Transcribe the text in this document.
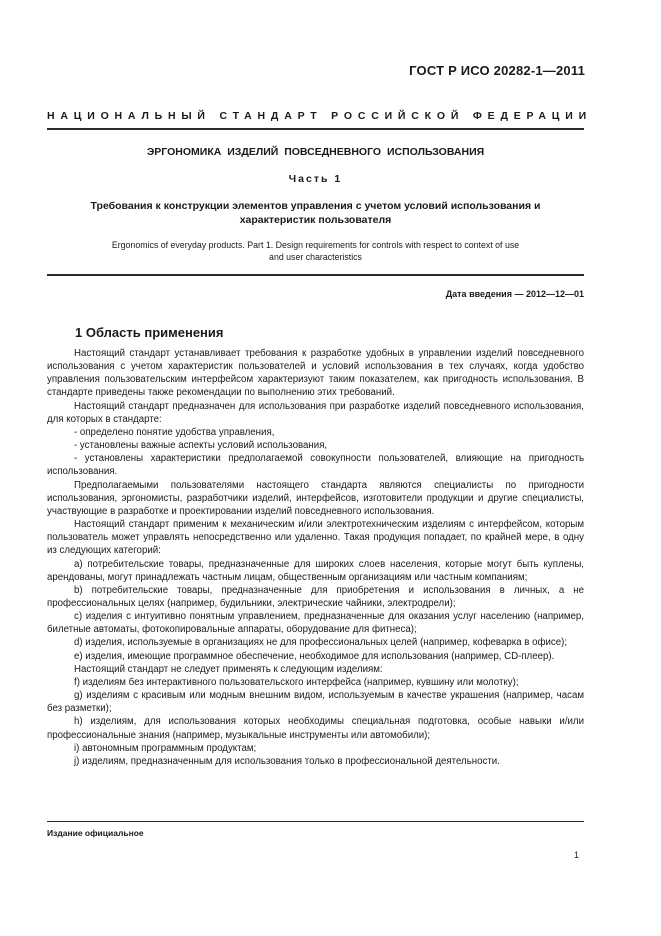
ГОСТ Р ИСО 20282-1—2011
НАЦИОНАЛЬНЫЙ СТАНДАРТ РОССИЙСКОЙ ФЕДЕРАЦИИ
ЭРГОНОМИКА ИЗДЕЛИЙ ПОВСЕДНЕВНОГО ИСПОЛЬЗОВАНИЯ
Часть 1
Требования к конструкции элементов управления с учетом условий использования и характеристик пользователя
Ergonomics of everyday products. Part 1. Design requirements for controls with respect to context of use and user characteristics
Дата введения — 2012—12—01
1 Область применения

Настоящий стандарт устанавливает требования к разработке удобных в управлении изделий повседневного использования с учетом характеристик пользователей и условий использования в тех случаях, когда удобство управления пользовательским интерфейсом характеризуют таким показателем, как пригодность использования. В стандарте приведены также рекомендации по выполнению этих требований.

Настоящий стандарт предназначен для использования при разработке изделий повседневного использования, для которых в стандарте:

- определено понятие удобства управления,

- установлены важные аспекты условий использования,

- установлены характеристики предполагаемой совокупности пользователей, влияющие на пригодность использования.

Предполагаемыми пользователями настоящего стандарта являются специалисты по пригодности использования, эргономисты, разработчики изделий, интерфейсов, изготовители продукции и другие специалисты, участвующие в разработке и проектировании изделий повседневного использования.

Настоящий стандарт применим к механическим и/или электротехническим изделиям с интерфейсом, которым пользователь может управлять непосредственно или удаленно. Такая продукция попадает, по крайней мере, в одну из следующих категорий:

a) потребительские товары, предназначенные для широких слоев населения, которые могут быть куплены, арендованы, могут принадлежать частным лицам, общественным организациям или частным компаниям;

b) потребительские товары, предназначенные для приобретения и использования в личных, а не профессиональных целях (например, будильники, электрические чайники, электродрели);

c) изделия с интуитивно понятным управлением, предназначенные для оказания услуг населению (например, билетные автоматы, фотокопировальные аппараты, оборудование для фитнеса);

d) изделия, используемые в организациях не для профессиональных целей (например, кофеварка в офисе);

e) изделия, имеющие программное обеспечение, необходимое для использования (например, CD-плеер).

Настоящий стандарт не следует применять к следующим изделиям:

f) изделиям без интерактивного пользовательского интерфейса (например, кувшину или молотку);

g) изделиям с красивым или модным внешним видом, используемым в качестве украшения (например, часам без разметки);

h) изделиям, для использования которых необходимы специальная подготовка, особые навыки и/или профессиональные знания (например, музыкальные инструменты или автомобили);

i) автономным программным продуктам;

j) изделиям, предназначенным для использования только в профессиональной деятельности.

Издание официальное
1
